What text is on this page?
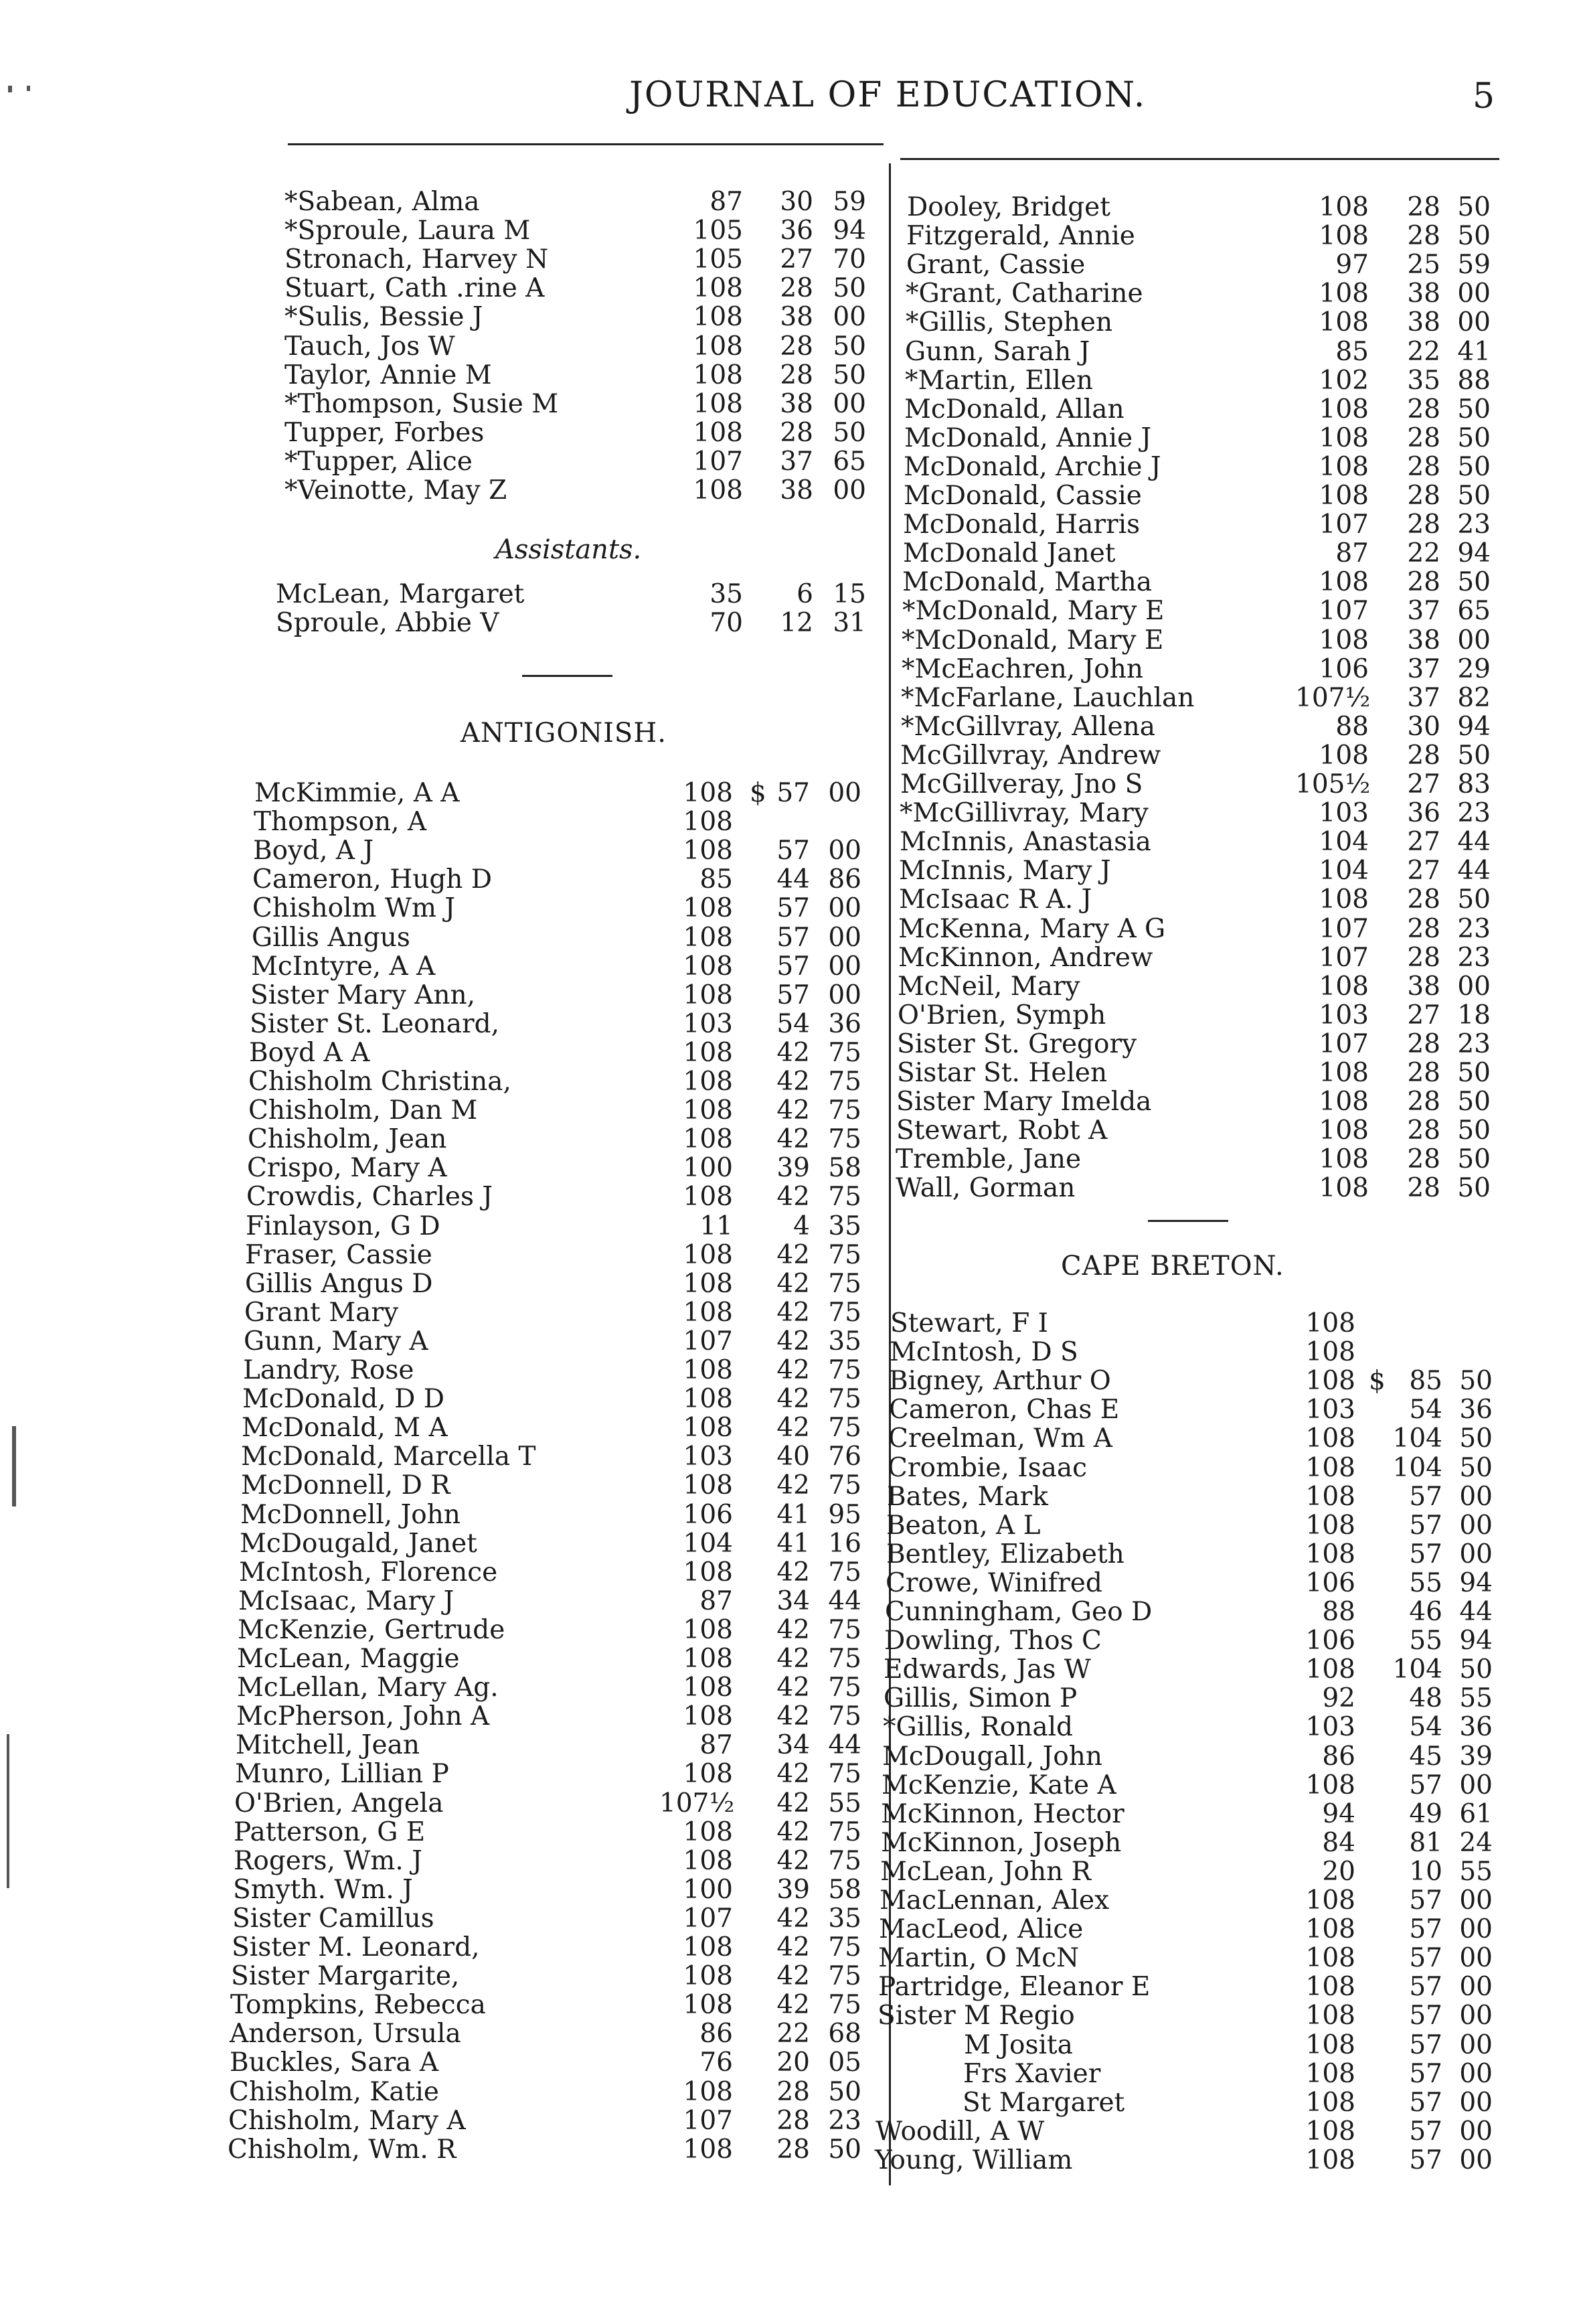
JOURNAL OF EDUCATION.	5
*Sabean, Alma	87	30 59
*Sproule, Laura M	105	36 94
Stronach, Harvey N	105	27 70
Stuart, Cath .rine A	108	28 50
*Sulis, Bessie J	108	38 00
Tauch, Jos W	108	28 50
Taylor, Annie M	108	28 50
*Thompson, Susie M	108	38 00
Tupper, Forbes	108	28 50
*Tupper, Alice	107	37 65
*Veinotte, May Z	108	38 00
Assistants.
McLean, Margaret	35	6 15
Sproule, Abbie V	70	12 31
ANTIGONISH.
McKimmie, A A	108 $ 57 00
Thompson, A	108
Boyd, A J	108	57 00
Cameron, Hugh D	85	44 86
Chisholm Wm J	108	57 00
Gillis Angus	108	57 00
McIntyre, A A	108	57 00
Sister Mary Ann,	108	57 00
Sister St. Leonard,	103	54 36
Boyd A A	108	42 75
Chisholm Christina,	108	42 75
Chisholm, Dan M	108	42 75
Chisholm, Jean	108	42 75
Crispo, Mary A	100	39 58
Crowdis, Charles J	108	42 75
Finlayson, G D	11	4 35
Fraser, Cassie	108	42 75
Gillis Angus D	108	42 75
Grant Mary	108	42 75
Gunn, Mary A	107	42 35
Landry, Rose	108	42 75
McDonald, D D	108	42 75
McDonald, M A	108	42 75
McDonald, Marcella T	103	40 76
McDonnell, D R	108	42 75
McDonnell, John	106	41 95
McDougald, Janet	104	41 16
McIntosh, Florence	108	42 75
McIsaac, Mary J	87	34 44
McKenzie, Gertrude	108	42 75
McLean, Maggie	108	42 75
McLellan, Mary Ag.	108	42 75
McPherson, John A	108	42 75
Mitchell, Jean	87	34 44
Munro, Lillian P	108	42 75
O'Brien, Angela	107½	42 55
Patterson, G E	108	42 75
Rogers, Wm. J	108	42 75
Smyth. Wm. J	100	39 58
Sister Camillus	107	42 35
Sister M. Leonard,	108	42 75
Sister Margarite,	108	42 75
Tompkins, Rebecca	108	42 75
Anderson, Ursula	86	22 68
Buckles, Sara A	76	20 05
Chisholm, Katie	108	28 50
Chisholm, Mary A	107	28 23
Chisholm, Wm. R	108	28 50
Dooley, Bridget	108	28 50
Fitzgerald, Annie	108	28 50
Grant, Cassie	97	25 59
*Grant, Catharine	108	38 00
*Gillis, Stephen	108	38 00
Gunn, Sarah J	85	22 41
*Martin, Ellen	102	35 88
McDonald, Allan	108	28 50
McDonald, Annie J	108	28 50
McDonald, Archie J	108	28 50
McDonald, Cassie	108	28 50
McDonald, Harris	107	28 23
McDonald Janet	87	22 94
McDonald, Martha	108	28 50
*McDonald, Mary E	107	37 65
*McDonald, Mary E	108	38 00
*McEachren, John	106	37 29
*McFarlane, Lauchlan	107½	37 82
*McGillvray, Allena	88	30 94
McGillvray, Andrew	108	28 50
McGillveray, Jno S	105½	27 83
*McGillivray, Mary	103	36 23
McInnis, Anastasia	104	27 44
McInnis, Mary J	104	27 44
McIsaac R A. J	108	28 50
McKenna, Mary A G	107	28 23
McKinnon, Andrew	107	28 23
McNeil, Mary	108	38 00
O'Brien, Symph	103	27 18
Sister St. Gregory	107	28 23
Sistar St. Helen	108	28 50
Sister Mary Imelda	108	28 50
Stewart, Robt A	108	28 50
Tremble, Jane	108	28 50
Wall, Gorman	108	28 50
CAPE BRETON.
Stewart, F I	108
McIntosh, D S	108
Bigney, Arthur O	108 $ 85 50
Cameron, Chas E	103	54 36
Creelman, Wm A	108	104 50
Crombie, Isaac	108	104 50
Bates, Mark	108	57 00
Beaton, A L	108	57 00
Bentley, Elizabeth	108	57 00
Crowe, Winifred	106	55 94
Cunningham, Geo D	88	46 44
Dowling, Thos C	106	55 94
Edwards, Jas W	108	104 50
Gillis, Simon P	92	48 55
*Gillis, Ronald	103	54 36
McDougall, John	86	45 39
McKenzie, Kate A	108	57 00
McKinnon, Hector	94	49 61
McKinnon, Joseph	84	81 24
McLean, John R	20	10 55
MacLennan, Alex	108	57 00
MacLeod, Alice	108	57 00
Martin, O McN	108	57 00
Partridge, Eleanor E	108	57 00
Sister M Regio	108	57 00
M Josita	108	57 00
Frs Xavier	108	57 00
St Margaret	108	57 00
Woodill, A W	108	57 00
Young, William	108	57 00
